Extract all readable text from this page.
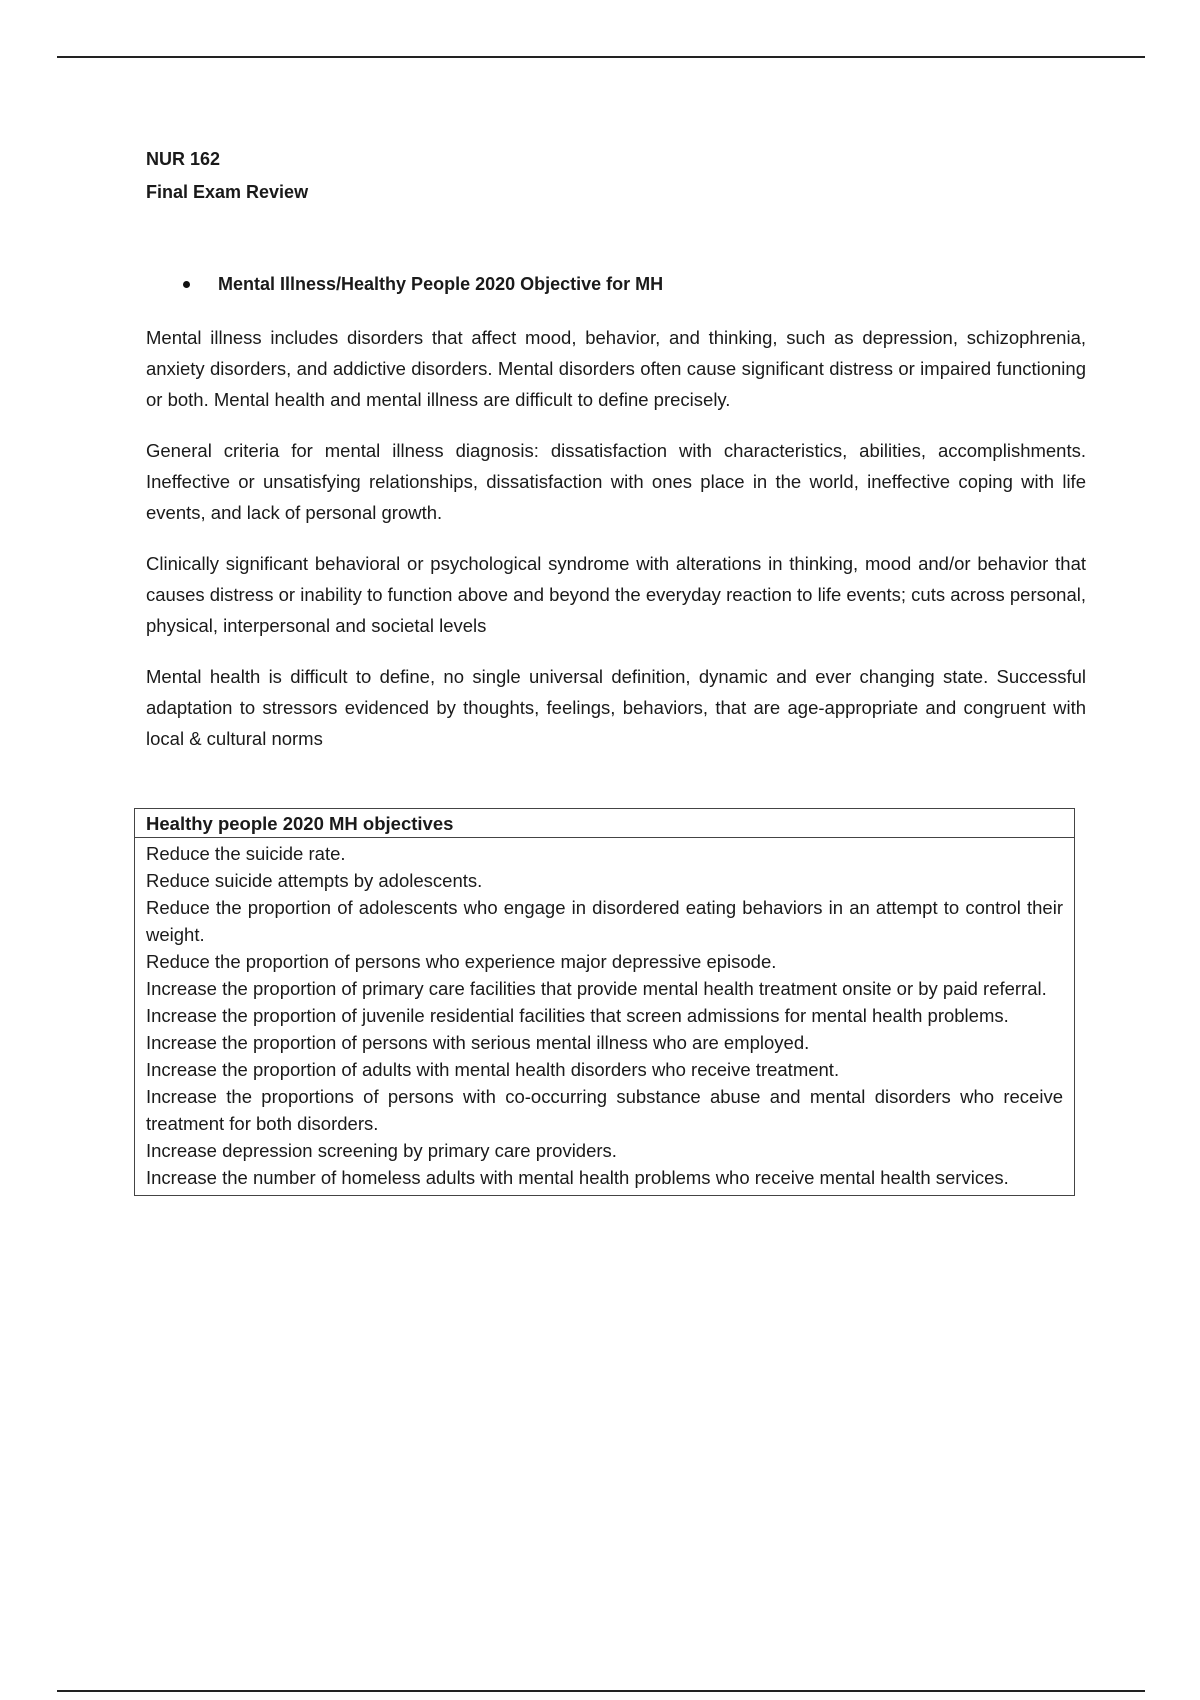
NUR 162
Final Exam Review
Mental Illness/Healthy People 2020 Objective for MH

Mental illness includes disorders that affect mood, behavior, and thinking, such as depression, schizophrenia, anxiety disorders, and addictive disorders. Mental disorders often cause significant distress or impaired functioning or both. Mental health and mental illness are difficult to define precisely.

General criteria for mental illness diagnosis: dissatisfaction with characteristics, abilities, accomplishments. Ineffective or unsatisfying relationships, dissatisfaction with ones place in the world, ineffective coping with life events, and lack of personal growth.

Clinically significant behavioral or psychological syndrome with alterations in thinking, mood and/or behavior that causes distress or inability to function above and beyond the everyday reaction to life events; cuts across personal, physical, interpersonal and societal levels

Mental health is difficult to define, no single universal definition, dynamic and ever changing state. Successful adaptation to stressors evidenced by thoughts, feelings, behaviors, that are age-appropriate and congruent with local & cultural norms

Healthy people 2020 MH objectives
Reduce the suicide rate.
Reduce suicide attempts by adolescents.
Reduce the proportion of adolescents who engage in disordered eating behaviors in an attempt to control their weight.
Reduce the proportion of persons who experience major depressive episode.
Increase the proportion of primary care facilities that provide mental health treatment onsite or by paid referral.
Increase the proportion of juvenile residential facilities that screen admissions for mental health problems.
Increase the proportion of persons with serious mental illness who are employed.
Increase the proportion of adults with mental health disorders who receive treatment.
Increase the proportions of persons with co-occurring substance abuse and mental disorders who receive treatment for both disorders.
Increase depression screening by primary care providers.
Increase the number of homeless adults with mental health problems who receive mental health services.
